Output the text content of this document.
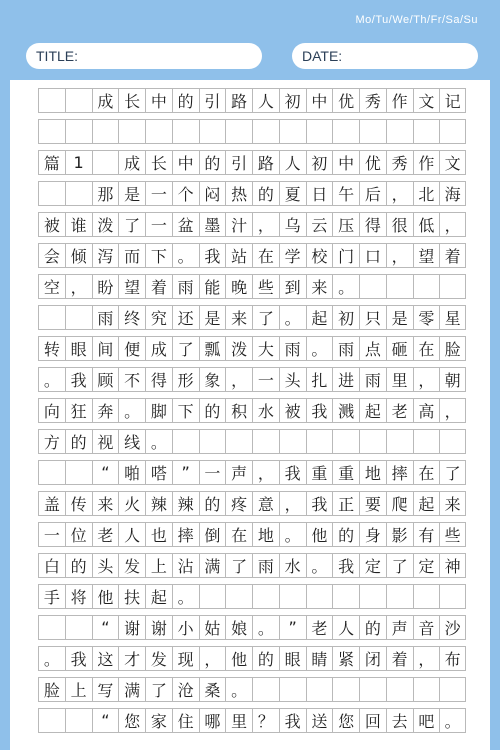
Mo/Tu/We/Th/Fr/Sa/Su
TITLE:	DATE:
成 长 中 的 引 路 人 初 中 优 秀 作 文 记
篇 1	成 长 中 的 引 路 人 初 中 优 秀 作 文
那 是 一 个 闷 热 的 夏 日 午 后 ， 北 海
被 谁 泼 了 一 盆 墨 汁 ， 乌 云 压 得 很 低 ，
会 倾 泻 而 下 。 我 站 在 学 校 门 口 ， 望 着
空 ， 盼 望 着 雨 能 晚 些 到 来 。
雨 终 究 还 是 来 了 。 起 初 只 是 零 星
转 眼 间 便 成 了 瓢 泼 大 雨 。 雨 点 砸 在 脸
。 我 顾 不 得 形 象 ， 一 头 扎 进 雨 里 ， 朝
向 狂 奔 。 脚 下 的 积 水 被 我 溅 起 老 高 ，
方 的 视 线 。
“ 啪 嗒 ” 一 声 ， 我 重 重 地 摔 在 了
盖 传 来 火 辣 辣 的 疼 意 ， 我 正 要 爬 起 来
一 位 老 人 也 摔 倒 在 地 。 他 的 身 影 有 些
白 的 头 发 上 沾 满 了 雨 水 。 我 定 了 定 神
手 将 他 扶 起 。
“ 谢 谢 小 姑 娘 。 ” 老 人 的 声 音 沙
。 我 这 才 发 现 ， 他 的 眼 睛 紧 闭 着 ， 布
脸 上 写 满 了 沧 桑 。
“ 您 家 住 哪 里 ？ 我 送 您 回 去 吧 。
